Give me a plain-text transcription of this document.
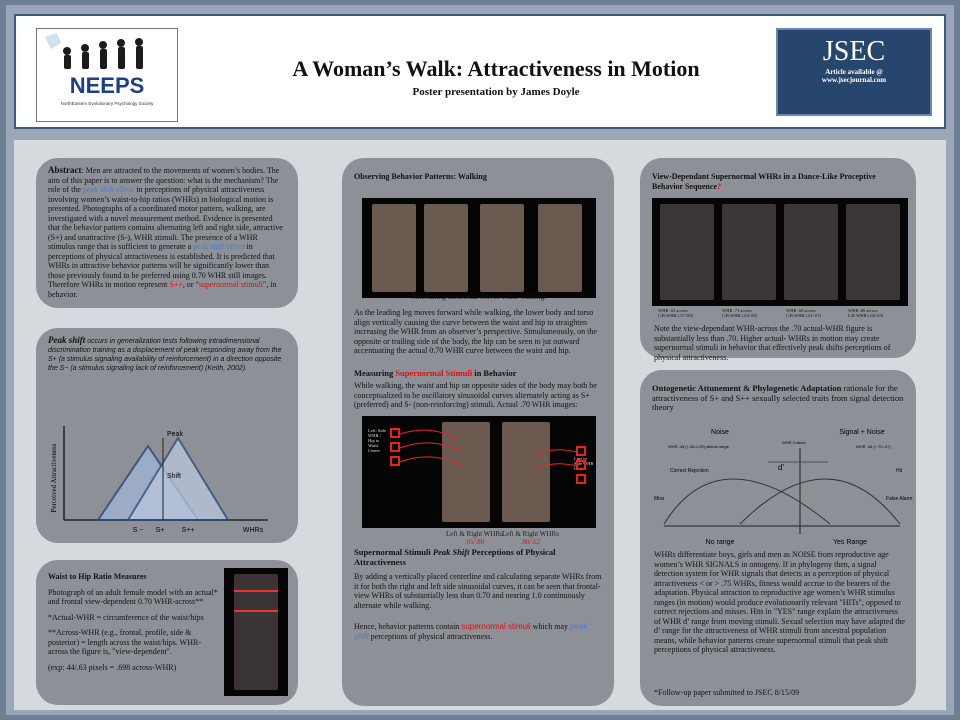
NEEPS
NorthEastern Evolutionary Psychology Society
A Woman’s Walk: Attractiveness in Motion
Poster presentation by James Doyle
JSEC
Article available @
www.jsecjournal.com
Abstract: Men are attracted to the movements of women’s bodies. The aim of this paper is to answer the question: what is the mechanism? The role of the peak shift effect in perceptions of physical attractiveness involving women’s waist-to-hip ratios (WHRs) in biological motion is presented. Photographs of a coordinated motor pattern, walking, are investigated with a novel measurement method. Evidence is presented that the behavior pattern contains alternating left and right side, attractive (S+) and unattractive (S-), WHR stimuli. The presence of a WHR stimulus range that is sufficient to generate a peak shift effect in perceptions of physical attractiveness is established. It is predicted that WHRs in attractive behavior patterns will be significantly lower than those previously found to be preferred using 0.70 WHR still images. Therefore WHRs in motion represent S++, or "supernormal stimuli", in behavior.
Peak shift occurs in generalization tests following intradimensional discrimination training as a displacement of peak responding away from the S+ (a stimulus signaling availability of reinforcement) in a direction opposite the S− (a stimulus signaling lack of reinforcement) (Keith, 2002).
Perceived Attractiveness
Peak
Shift
S − S+ S++	WHRs
Waist to Hip Ratio Measures
Photograph of an adult female model with an actual* and frontal view-dependent 0.70 WHR-across**
*Actual-WHR = circumference of the waist/hips
**Across-WHR (e.g., frontal, profile, side & posterior) = length across the waist/hips. WHR-across the figure is, "view-dependent".
(exp: 44/.63 pixels = .698 across-WHR)
Observing Behavior Patterns: Walking
Alternating sinusoidal curves while walking.
As the leading leg moves forward while walking, the lower body and torso align vertically causing the curve between the waist and hip to straighten increasing the WHR from an observer’s perspective. Simultaneously, on the opposite or trailing side of the body, the hip can be seen to jut outward accentuating the actual 0.70 WHR curve between the waist and hip.
Measuring Supernormal Stimuli in Behavior
While walking, the waist and hip on opposite sides of the body may both be conceptualized to be oscillatory sinusoidal curves alternately acting as S+ (preferred) and S- (non-reinforcing) stimuli. Actual .70 WHR images:
Left: Side WHR / Hip to Waist Center
Line to Side WHR Center
Left & Right WHRs
.65/.80
Left & Right WHRs
.80/.62
Supernormal Stimuli Peak Shift Perceptions of Physical Attractiveness
By adding a vertically placed centerline and calculating separate WHRs from it for both the right and left side sinusoidal curves, it can be seen that frontal-view WHRs of substantially less than 0.70 and nearing 1.0 continuously alternate while walking.
Hence, behavior patterns contain supernormal stimuli which may peak shift perceptions of physical attractiveness.
View-Dependant Supernormal WHRs in a Dance-Like Proceptive Behavior Sequence?
WHR .63 across
L/R WHR (.57/.60)
WHR .71 across
L/R WHR (.63/.68)
WHR .68 across
L/R WHR (.61/.67)
WHR .66 across
L/R WHR (.60/.63)
Note the view-dependant WHR-across the .70 actual-WHR figure is substantially less than .70. Higher actual- WHRs in motion may create supernormal stimuli in behavior that effectively peak shifts perceptions of physical attractiveness.
Ontogenetic Attunement & Phylogenetic Adaptation rationale for the attractiveness of S+ and S++ sexually selected traits from signal detection theory
Noise	Signal + Noise
WHR .45 (+.65-1.00) stimuli range
WHR Criteria
WHR .45 (+.70-.97)
Correct Rejection	Hit
Miss	False Alarm
d'
No range	Yes Range
WHRs differentiate boys, girls and men as NOISE from reproductive age women’s WHR SIGNALS in ontogeny. If in phylogeny then, a signal detection system for WHR signals that detects as a perception of physical attractiveness < or > .75 WHRs, fitness would accrue to the bearers of the adaptation. Physical attraction to reproductive age women’s WHR stimulus ranges (in motion) would produce evolutionarily relevant "HITs", opposed to correct rejections and misses. Hits in "YES" range explain the attractiveness of WHR d’ range from moving stimuli. Sexual selection may have adapted the d’ range for the attractiveness of WHR stimuli from ancestral population means, while behavior patterns create supernormal stimuli that peak shift perceptions of physical attractiveness.
*Follow-up paper submitted to JSEC 8/15/09
